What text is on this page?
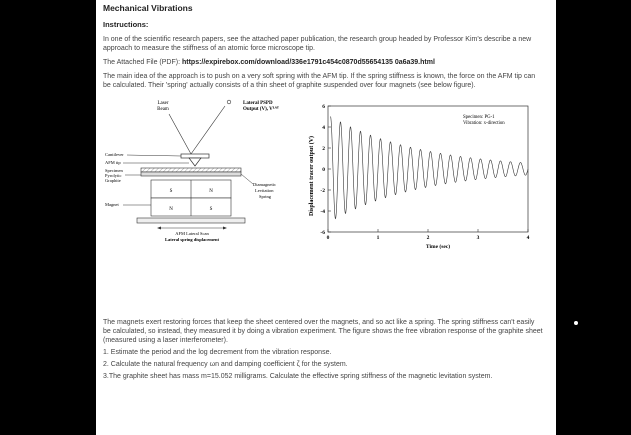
Mechanical Vibrations
Instructions:

In one of the scientific research papers, see the attached paper publication, the research group headed by Professor Kim's describe a new approach to measure the stiffness of an atomic force microscope tip.

The Attached File (PDF): https://expirebox.com/download/336e1791c454c0870d55654135 0a6a39.html

The main idea of the approach is to push on a very soft spring with the AFM tip. If the spring stiffness is known, the force on the AFM tip can be calculated. Their 'spring' actually consists of a thin sheet of graphite suspended over four magnets (see below figure).

Laser
Beam
Lateral PSPD
Output (V), Vᴸᴬᵀ
Cantilever
AFM tip
Specimen
Pyrolytic
Graphite
S	N
N	S
Magnet
Diamagnetic
Levitation
Spring
AFM Lateral Scan
Lateral spring displacement
Displacement tracer output (V)
Time (sec)
Specimen: PG-1
Vibration: x-direction
0	1	2	3	4
-6
-4
-2
0
2
4
6

The magnets exert restoring forces that keep the sheet centered over the magnets, and so act like a spring. The spring stiffness can't easily be calculated, so instead, they measured it by doing a vibration experiment. The figure shows the free vibration response of the graphite sheet (measured using a laser interferometer).

1. Estimate the period and the log decrement from the vibration response.

2. Calculate the natural frequency ωn and damping coefficient ζ for the system.

3.The graphite sheet has mass m=15.052 milligrams. Calculate the effective spring stiffness of the magnetic levitation system.
